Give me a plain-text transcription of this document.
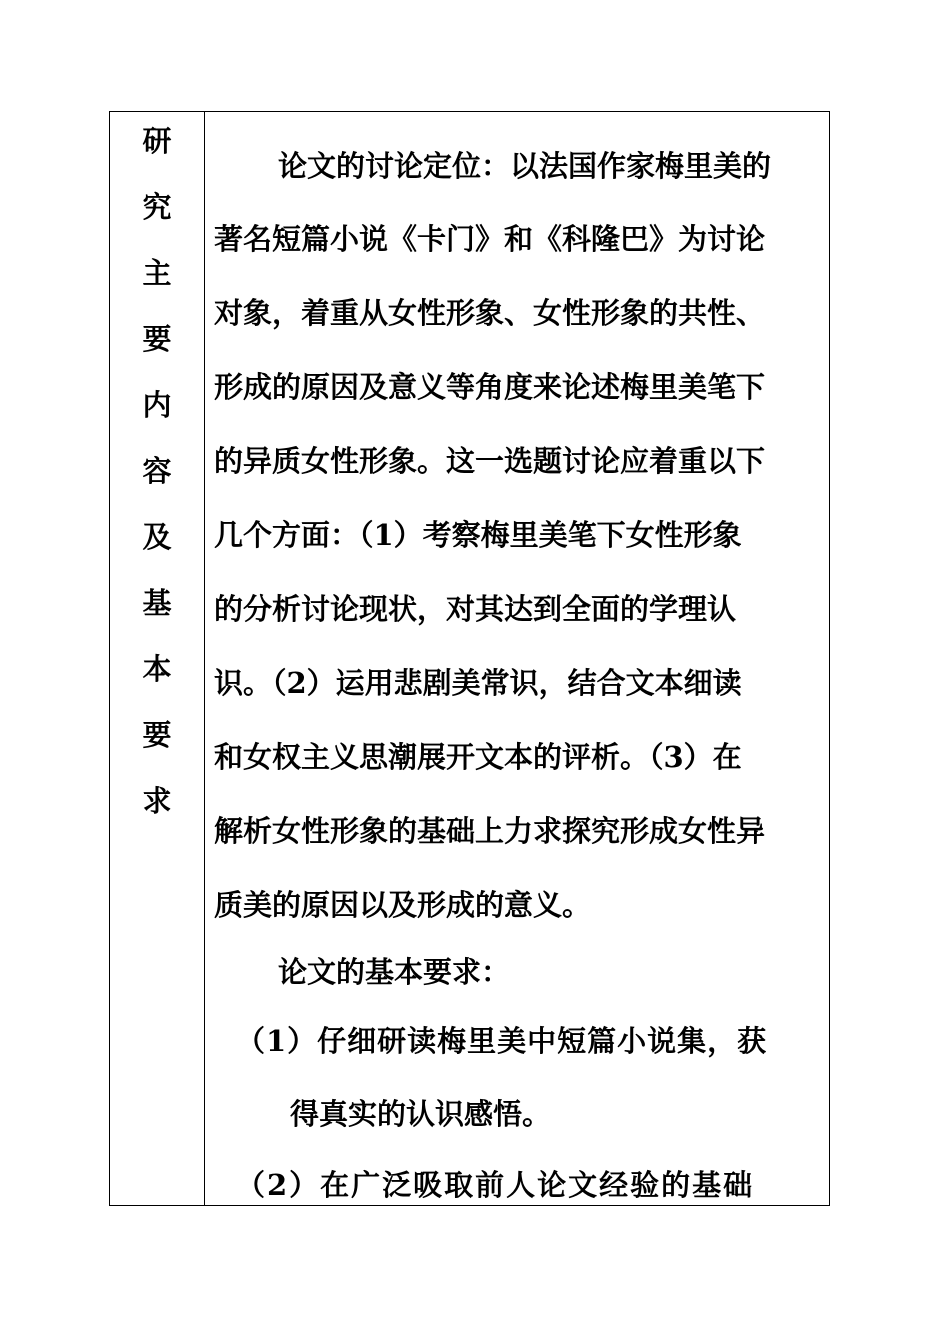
研
究
主
要
内
容
及
基
本
要
求
论文的讨论定位：以法国作家梅里美的
著名短篇小说《卡门》和《科隆巴》为讨论
对象，着重从女性形象、女性形象的共性、
形成的原因及意义等角度来论述梅里美笔下
的异质女性形象。这一选题讨论应着重以下
几个方面：（1）考察梅里美笔下女性形象
的分析讨论现状，对其达到全面的学理认
识。（2）运用悲剧美常识，结合文本细读
和女权主义思潮展开文本的评析。（3）在
解析女性形象的基础上力求探究形成女性异
质美的原因以及形成的意义。
论文的基本要求：
（1）仔细研读梅里美中短篇小说集，获
得真实的认识感悟。
（2）在广泛吸取前人论文经验的基础
